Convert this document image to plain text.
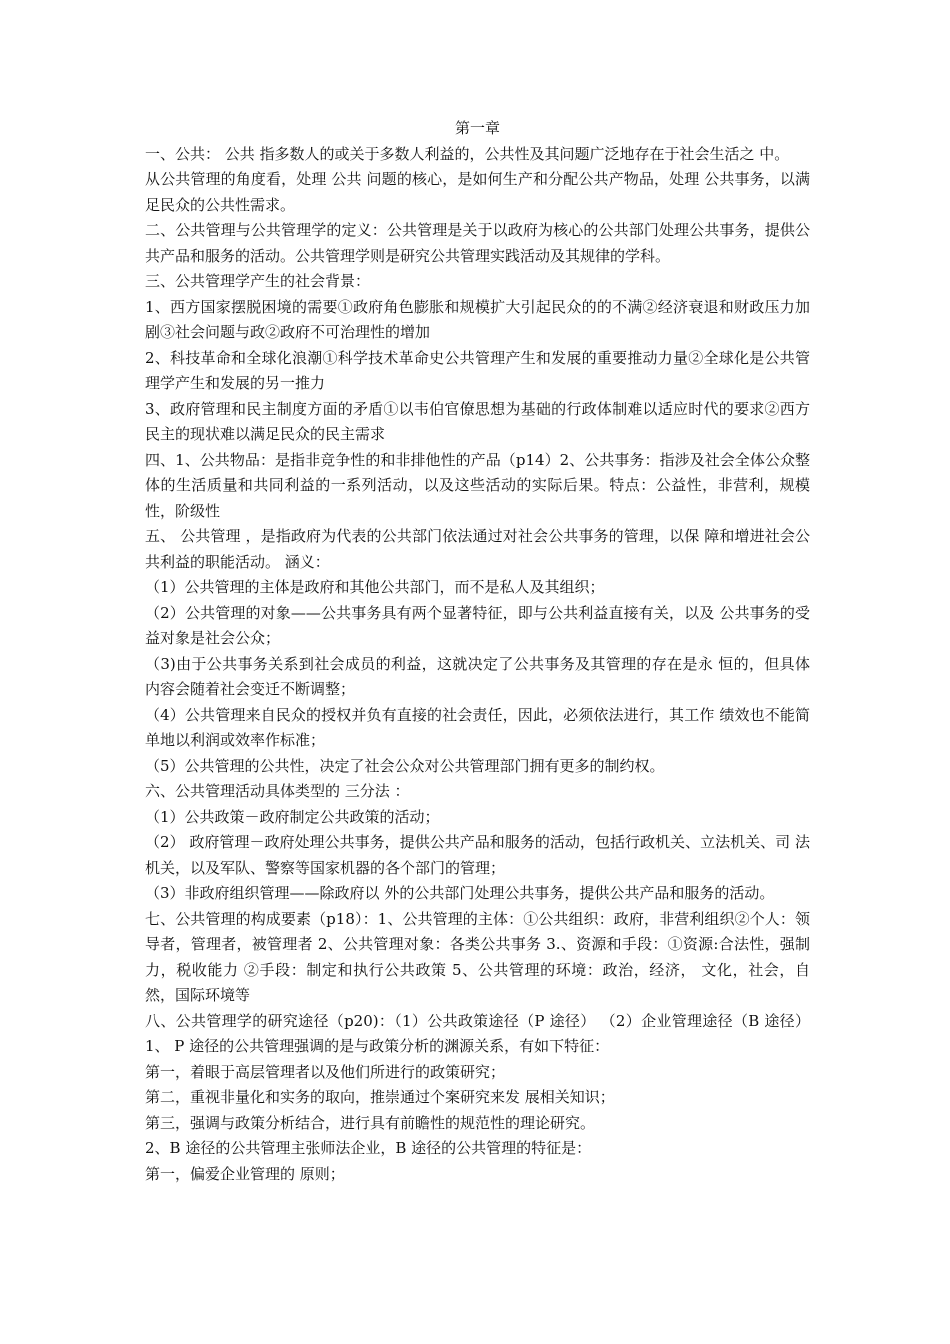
第一章

一、公共： 公共 指多数人的或关于多数人利益的，公共性及其问题广泛地存在于社会生活之 中。

从公共管理的角度看，处理 公共 问题的核心，是如何生产和分配公共产物品，处理 公共事务，以满足民众的公共性需求。

二、公共管理与公共管理学的定义：公共管理是关于以政府为核心的公共部门处理公共事务，提供公共产品和服务的活动。公共管理学则是研究公共管理实践活动及其规律的学科。

三、公共管理学产生的社会背景：

1、西方国家摆脱困境的需要①政府角色膨胀和规模扩大引起民众的的不满②经济衰退和财政压力加剧③社会问题与政②政府不可治理性的增加

2、科技革命和全球化浪潮①科学技术革命史公共管理产生和发展的重要推动力量②全球化是公共管理学产生和发展的另一推力

3、政府管理和民主制度方面的矛盾①以韦伯官僚思想为基础的行政体制难以适应时代的要求②西方民主的现状难以满足民众的民主需求

四、1、公共物品：是指非竞争性的和非排他性的产品（p14）2、公共事务：指涉及社会全体公众整体的生活质量和共同利益的一系列活动，以及这些活动的实际后果。特点：公益性，非营利，规模性，阶级性

五、 公共管理 ，是指政府为代表的公共部门依法通过对社会公共事务的管理，以保 障和增进社会公共利益的职能活动。 涵义：

（1）公共管理的主体是政府和其他公共部门，而不是私人及其组织；

（2）公共管理的对象——公共事务具有两个显著特征，即与公共利益直接有关，以及 公共事务的受益对象是社会公众；

（3)由于公共事务关系到社会成员的利益，这就决定了公共事务及其管理的存在是永 恒的，但具体内容会随着社会变迁不断调整；

（4）公共管理来自民众的授权并负有直接的社会责任，因此，必须依法进行，其工作 绩效也不能简单地以利润或效率作标准；

（5）公共管理的公共性，决定了社会公众对公共管理部门拥有更多的制约权。

六、公共管理活动具体类型的 三分法 ：

（1）公共政策－政府制定公共政策的活动；

（2） 政府管理－政府处理公共事务，提供公共产品和服务的活动，包括行政机关、立法机关、司 法机关，以及军队、警察等国家机器的各个部门的管理；

（3）非政府组织管理——除政府以 外的公共部门处理公共事务，提供公共产品和服务的活动。

七、公共管理的构成要素（p18）：1、公共管理的主体：①公共组织：政府，非营利组织②个人：领导者，管理者，被管理者 2、公共管理对象：各类公共事务 3.、资源和手段：①资源:合法性，强制力，税收能力 ②手段：制定和执行公共政策 5、公共管理的环境：政治，经济， 文化，社会，自然，国际环境等

八、公共管理学的研究途径（p20)：（1）公共政策途径（P 途径） （2）企业管理途径（B 途径）1、 P 途径的公共管理强调的是与政策分析的渊源关系，有如下特征：

第一，着眼于高层管理者以及他们所进行的政策研究；

第二，重视非量化和实务的取向，推崇通过个案研究来发 展相关知识；

第三，强调与政策分析结合，进行具有前瞻性的规范性的理论研究。

2、B 途径的公共管理主张师法企业，B 途径的公共管理的特征是：

第一，偏爱企业管理的 原则；
